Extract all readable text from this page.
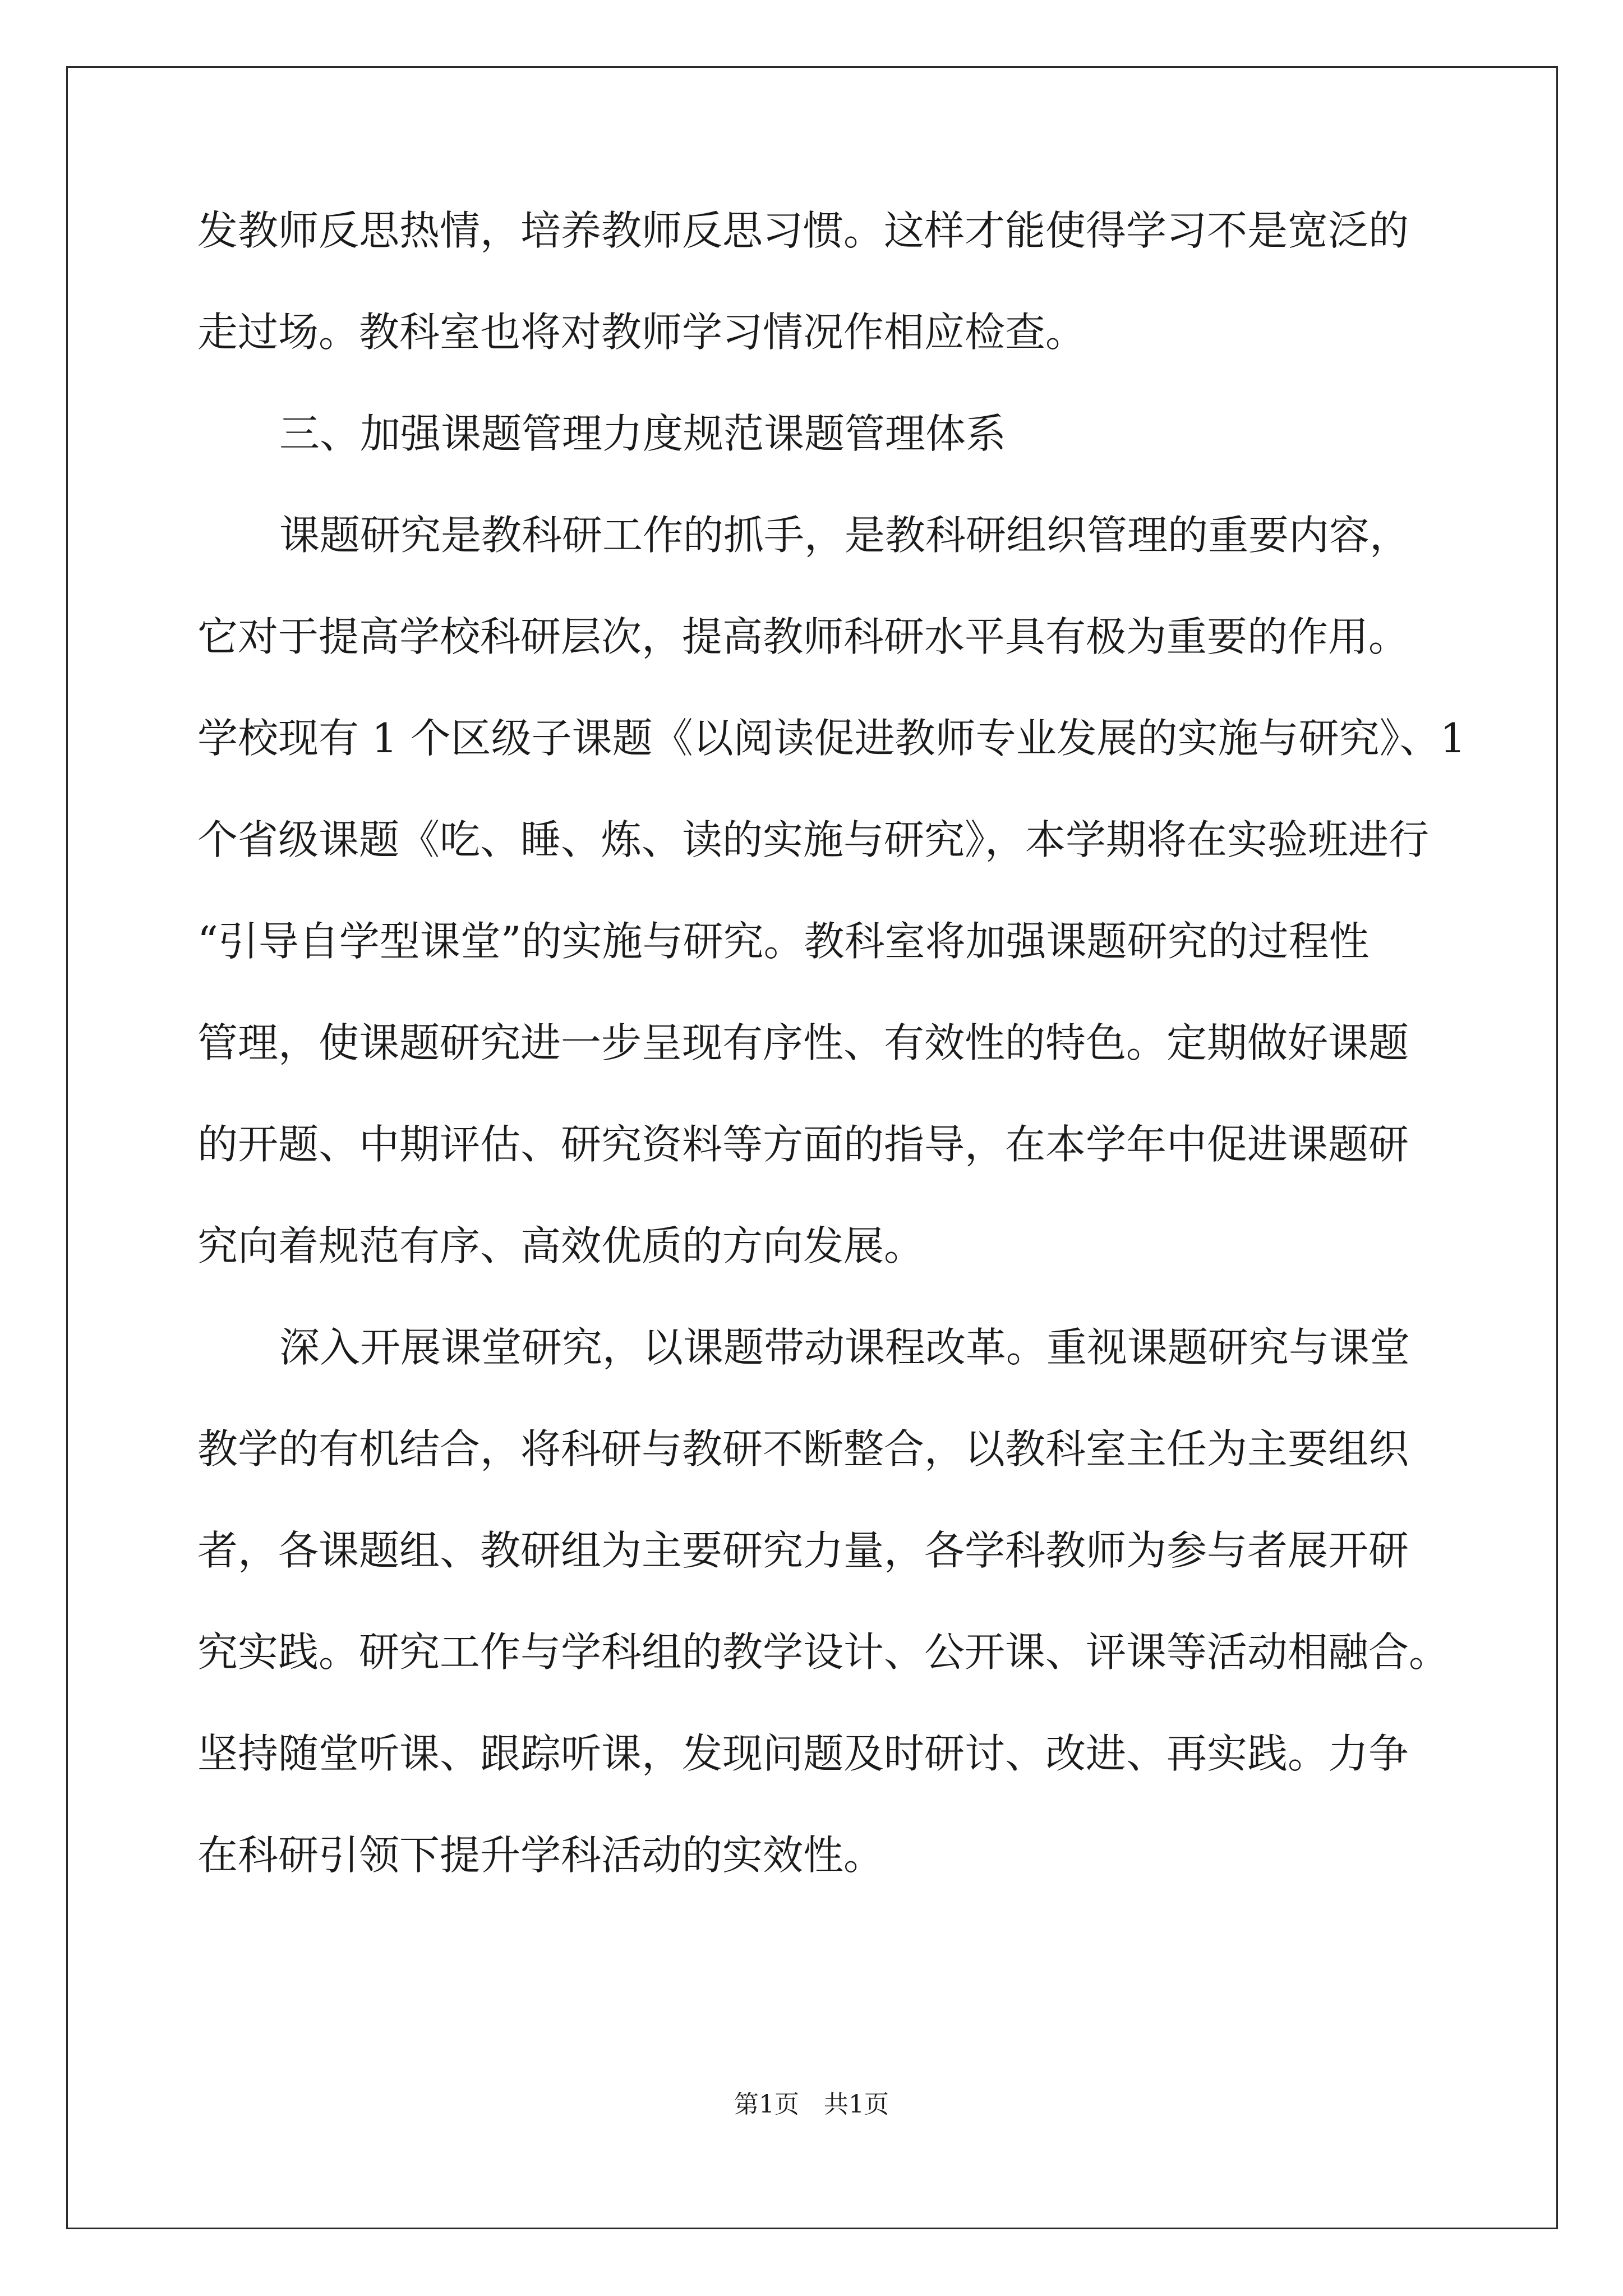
发教师反思热情，培养教师反思习惯。这样才能使得学习不是宽泛的
走过场。教科室也将对教师学习情况作相应检查。
三、加强课题管理力度规范课题管理体系
课题研究是教科研工作的抓手，是教科研组织管理的重要内容，
它对于提高学校科研层次，提高教师科研水平具有极为重要的作用。
学校现有 1 个区级子课题《以阅读促进教师专业发展的实施与研究》、1
个省级课题《吃、睡、炼、读的实施与研究》，本学期将在实验班进行
“引导自学型课堂”的实施与研究。教科室将加强课题研究的过程性
管理，使课题研究进一步呈现有序性、有效性的特色。定期做好课题
的开题、中期评估、研究资料等方面的指导，在本学年中促进课题研
究向着规范有序、高效优质的方向发展。
深入开展课堂研究，以课题带动课程改革。重视课题研究与课堂
教学的有机结合，将科研与教研不断整合，以教科室主任为主要组织
者，各课题组、教研组为主要研究力量，各学科教师为参与者展开研
究实践。研究工作与学科组的教学设计、公开课、评课等活动相融合。
坚持随堂听课、跟踪听课，发现问题及时研讨、改进、再实践。力争
在科研引领下提升学科活动的实效性。
第1页　共1页
